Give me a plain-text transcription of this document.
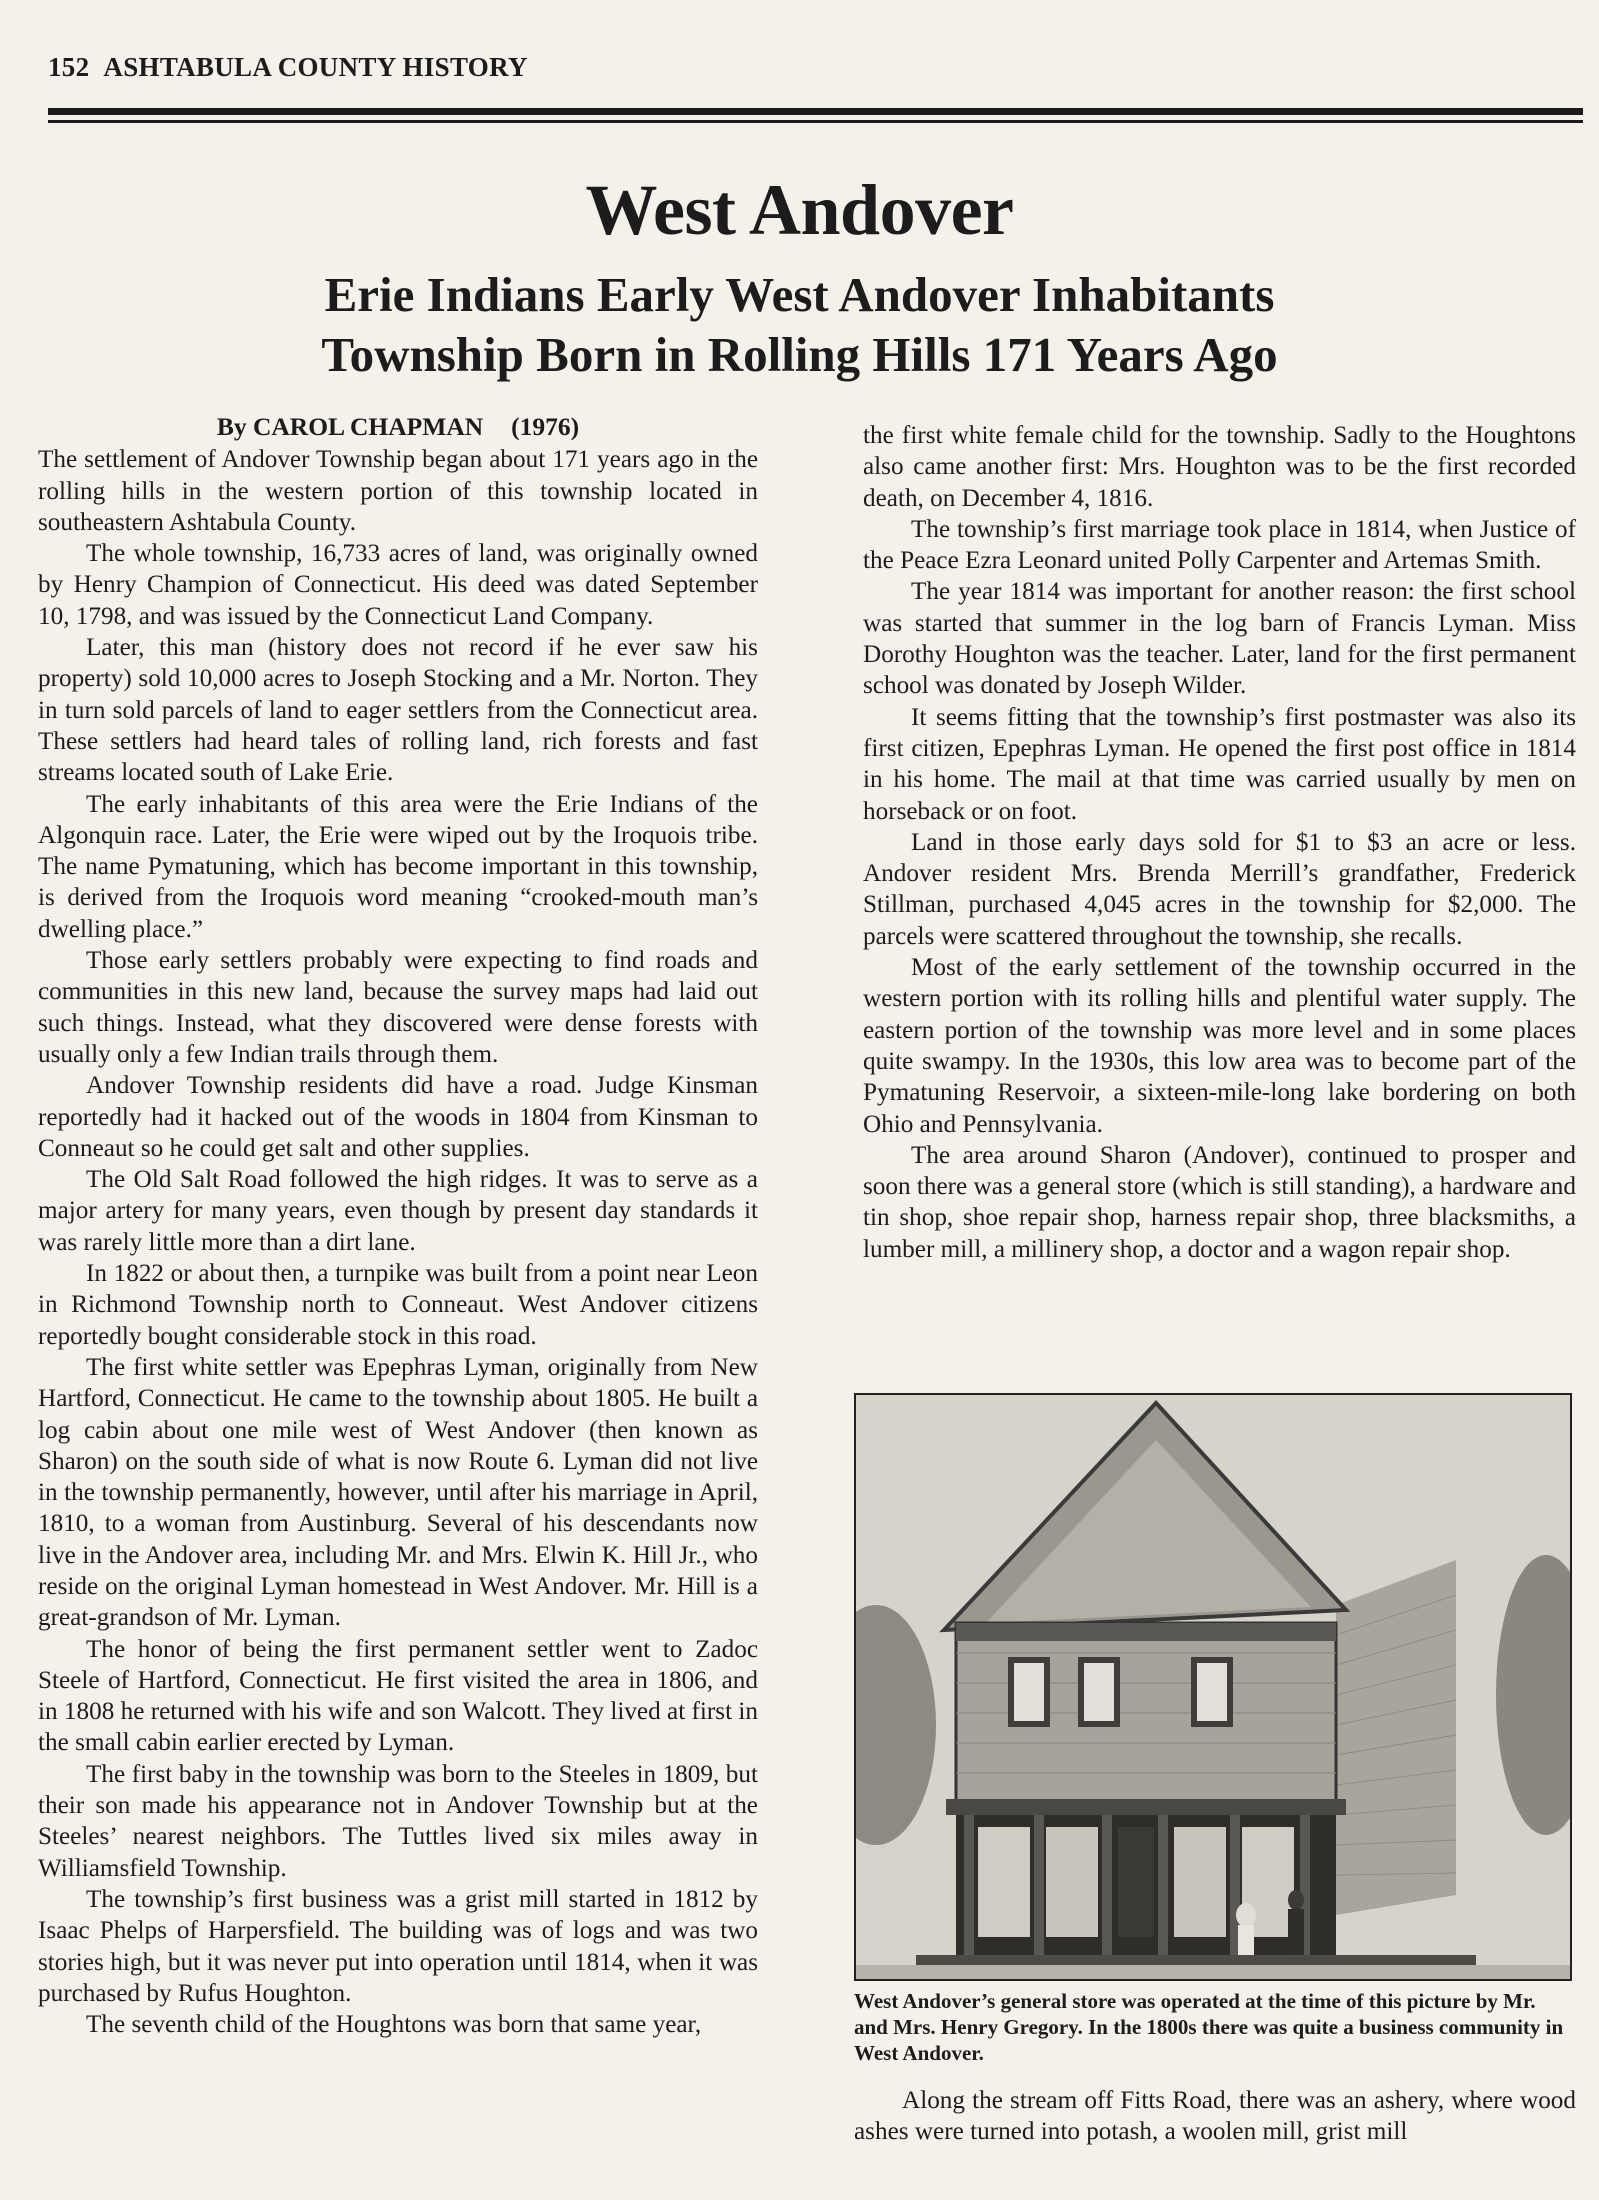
152 ASHTABULA COUNTY HISTORY
West Andover
Erie Indians Early West Andover Inhabitants
Township Born in Rolling Hills 171 Years Ago
By CAROL CHAPMAN (1976)

The settlement of Andover Township began about 171 years ago in the rolling hills in the western portion of this township located in southeastern Ashtabula County.

The whole township, 16,733 acres of land, was originally owned by Henry Champion of Connecticut. His deed was dated September 10, 1798, and was issued by the Connecticut Land Company.

Later, this man (history does not record if he ever saw his property) sold 10,000 acres to Joseph Stocking and a Mr. Norton. They in turn sold parcels of land to eager settlers from the Connecticut area. These settlers had heard tales of rolling land, rich forests and fast streams located south of Lake Erie.

The early inhabitants of this area were the Erie Indians of the Algonquin race. Later, the Erie were wiped out by the Iroquois tribe. The name Pymatuning, which has become important in this township, is derived from the Iroquois word meaning “crooked-mouth man’s dwelling place.”

Those early settlers probably were expecting to find roads and communities in this new land, because the survey maps had laid out such things. Instead, what they discovered were dense forests with usually only a few Indian trails through them.

Andover Township residents did have a road. Judge Kinsman reportedly had it hacked out of the woods in 1804 from Kinsman to Conneaut so he could get salt and other supplies.

The Old Salt Road followed the high ridges. It was to serve as a major artery for many years, even though by present day standards it was rarely little more than a dirt lane.

In 1822 or about then, a turnpike was built from a point near Leon in Richmond Township north to Conneaut. West Andover citizens reportedly bought considerable stock in this road.

The first white settler was Epephras Lyman, originally from New Hartford, Connecticut. He came to the township about 1805. He built a log cabin about one mile west of West Andover (then known as Sharon) on the south side of what is now Route 6. Lyman did not live in the township permanently, however, until after his marriage in April, 1810, to a woman from Austinburg. Several of his descendants now live in the Andover area, including Mr. and Mrs. Elwin K. Hill Jr., who reside on the original Lyman homestead in West Andover. Mr. Hill is a great-grandson of Mr. Lyman.

The honor of being the first permanent settler went to Zadoc Steele of Hartford, Connecticut. He first visited the area in 1806, and in 1808 he returned with his wife and son Walcott. They lived at first in the small cabin earlier erected by Lyman.

The first baby in the township was born to the Steeles in 1809, but their son made his appearance not in Andover Township but at the Steeles’ nearest neighbors. The Tuttles lived six miles away in Williamsfield Township.

The township’s first business was a grist mill started in 1812 by Isaac Phelps of Harpersfield. The building was of logs and was two stories high, but it was never put into operation until 1814, when it was purchased by Rufus Houghton.

The seventh child of the Houghtons was born that same year,

the first white female child for the township. Sadly to the Houghtons also came another first: Mrs. Houghton was to be the first recorded death, on December 4, 1816.

The township’s first marriage took place in 1814, when Justice of the Peace Ezra Leonard united Polly Carpenter and Artemas Smith.

The year 1814 was important for another reason: the first school was started that summer in the log barn of Francis Lyman. Miss Dorothy Houghton was the teacher. Later, land for the first permanent school was donated by Joseph Wilder.

It seems fitting that the township’s first postmaster was also its first citizen, Epephras Lyman. He opened the first post office in 1814 in his home. The mail at that time was carried usually by men on horseback or on foot.

Land in those early days sold for $1 to $3 an acre or less. Andover resident Mrs. Brenda Merrill’s grandfather, Frederick Stillman, purchased 4,045 acres in the township for $2,000. The parcels were scattered throughout the township, she recalls.

Most of the early settlement of the township occurred in the western portion with its rolling hills and plentiful water supply. The eastern portion of the township was more level and in some places quite swampy. In the 1930s, this low area was to become part of the Pymatuning Reservoir, a sixteen-mile-long lake bordering on both Ohio and Pennsylvania.

The area around Sharon (Andover), continued to prosper and soon there was a general store (which is still standing), a hardware and tin shop, shoe repair shop, harness repair shop, three blacksmiths, a lumber mill, a millinery shop, a doctor and a wagon repair shop.

West Andover’s general store was operated at the time of this picture by Mr. and Mrs. Henry Gregory. In the 1800s there was quite a business community in West Andover.

Along the stream off Fitts Road, there was an ashery, where wood ashes were turned into potash, a woolen mill, grist mill
